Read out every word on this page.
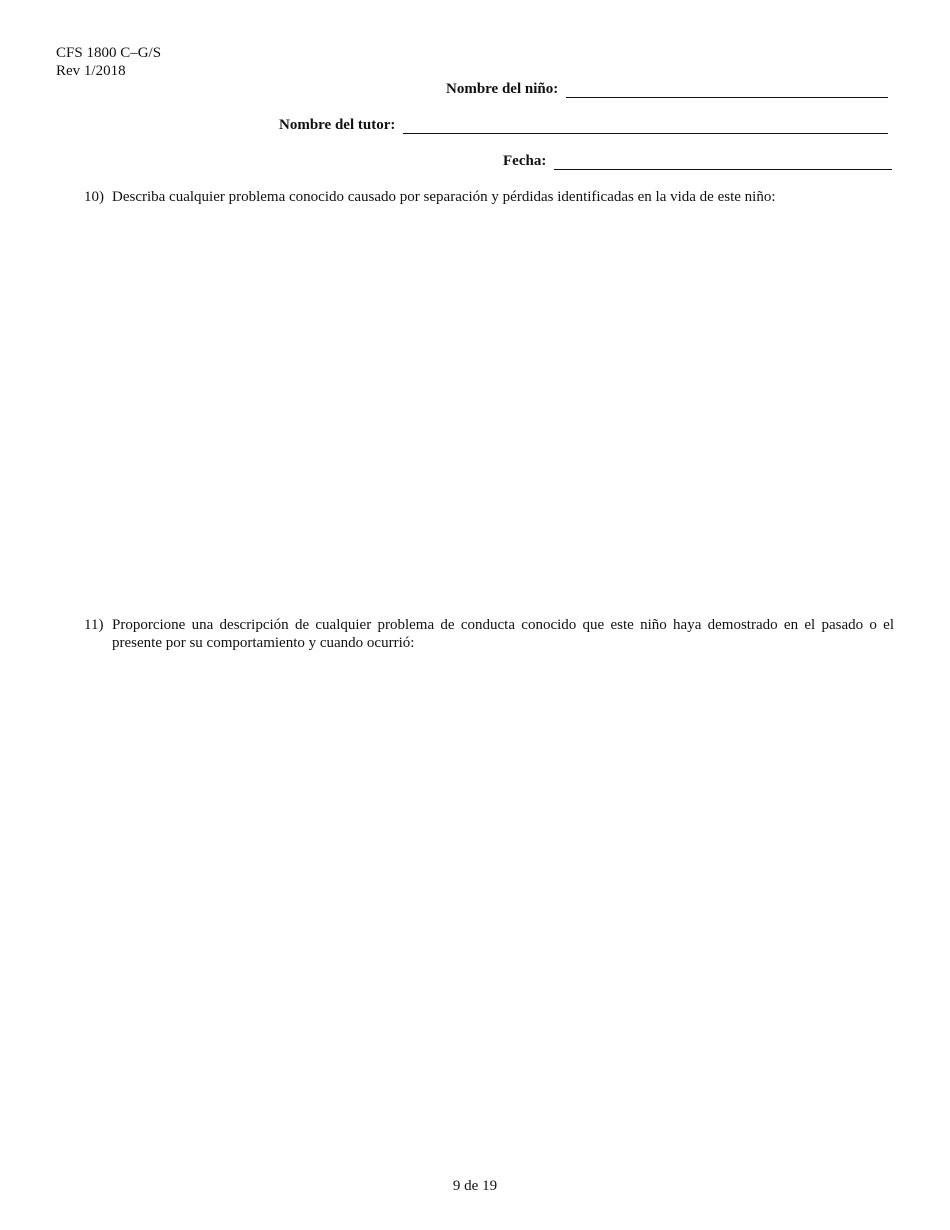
CFS 1800 C–G/S
Rev 1/2018
Nombre del niño:
Nombre del tutor:
Fecha:
10) Describa cualquier problema conocido causado por separación y pérdidas identificadas en la vida de este niño:
11) Proporcione una descripción de cualquier problema de conducta conocido que este niño haya demostrado en el pasado o el presente por su comportamiento y cuando ocurrió:
9 de 19
